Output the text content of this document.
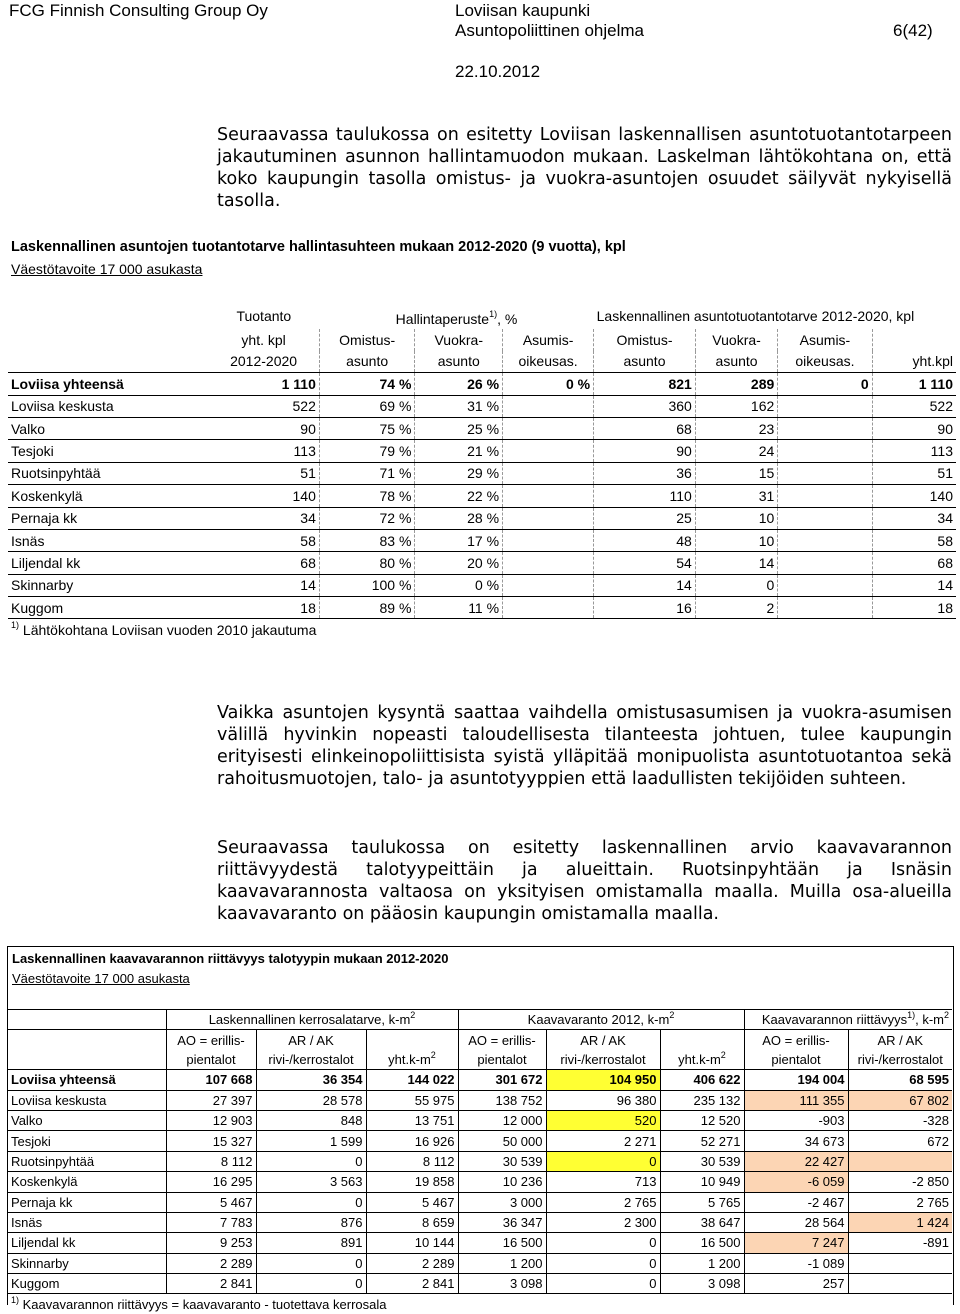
FCG Finnish Consulting Group Oy	Loviisan kaupunki
Asuntopoliittinen ohjelma	6(42)
22.10.2012
Seuraavassa taulukossa on esitetty Loviisan laskennallisen asuntotuotantotarpeen jakautuminen asunnon hallintamuodon mukaan. Laskelman lähtökohtana on, että koko kaupungin tasolla omistus- ja vuokra-asuntojen osuudet säilyvät nykyisellä tasolla.
Laskennallinen asuntojen tuotantotarve hallintasuhteen mukaan 2012-2020 (9 vuotta), kpl
Väestötavoite 17 000 asukasta
	Tuotanto	Hallintaperuste$^{1)}$, %			Laskennallinen asuntotuotantotarve 2012-2020, kpl			
	yht. kpl	Omistus-	Vuokra-	Asumis-	Omistus-	Vuokra-	Asumis-	
	2012-2020	asunto	asunto	oikeusas.	asunto	asunto	oikeusas.	yht.kpl
Loviisa yhteensä	1 110	74 %	26 %	0 %	821	289	0	1 110
Loviisa keskusta	522	69 %	31 %		360	162		522
Valko	90	75 %	25 %		68	23		90
Tesjoki	113	79 %	21 %		90	24		113
Ruotsinpyhtää	51	71 %	29 %		36	15		51
Koskenkylä	140	78 %	22 %		110	31		140
Pernaja kk	34	72 %	28 %		25	10		34
Isnäs	58	83 %	17 %		48	10		58
Liljendal kk	68	80 %	20 %		54	14		68
Skinnarby	14	100 %	0 %		14	0		14
Kuggom	18	89 %	11 %		16	2		18
$^{1)}$ Lähtökohtana Loviisan vuoden 2010 jakautuma								
Vaikka asuntojen kysyntä saattaa vaihdella omistusasumisen ja vuokra-asumisen välillä hyvinkin nopeasti taloudellisesta tilanteesta johtuen, tulee kaupungin erityisesti elinkeinopoliittisista syistä ylläpitää monipuolista asuntotuotantoa sekä rahoitusmuotojen, talo- ja asuntotyyppien että laadullisten tekijöiden suhteen.
Seuraavassa taulukossa on esitetty laskennallinen arvio kaavavarannon riittävyydestä talotyypeittäin ja alueittain. Ruotsinpyhtään ja Isnäsin kaavavarannosta valtaosa on yksityisen omistamalla maalla. Muilla osa-alueilla kaavavaranto on pääosin kaupungin omistamalla maalla.
Laskennallinen kaavavarannon riittävyys talotyypin mukaan 2012-2020
Väestötavoite 17 000 asukasta
	Laskennallinen kerrosalatarve, $k-m^2$			Kaavavaranto 2012, $k-m^2$			Kaavavarannon riittävyys$^{1)}$, $k-m^2$
	AO = erillis-	AR / AK		AO = erillis-	AR / AK		AO = erillis-	AR / AK
	pientalot	rivi-/kerrostalot	$yht.k-m^2$	pientalot	rivi-/kerrostalot	$yht.k-m^2$	pientalot	rivi-/kerrostalot
Loviisa yhteensä	107 668	36 354	144 022	301 672	104 950	406 622	194 004	68 595
Loviisa keskusta	27 397	28 578	55 975	138 752	96 380	235 132	111 355	67 802
Valko	12 903	848	13 751	12 000	520	12 520	-903	-328
Tesjoki	15 327	1 599	16 926	50 000	2 271	52 271	34 673	672
Ruotsinpyhtää	8 112	0	8 112	30 539	0	30 539	22 427	
Koskenkylä	16 295	3 563	19 858	10 236	713	10 949	-6 059	-2 850
Pernaja kk	5 467	0	5 467	3 000	2 765	5 765	-2 467	2 765
Isnäs	7 783	876	8 659	36 347	2 300	38 647	28 564	1 424
Liljendal kk	9 253	891	10 144	16 500	0	16 500	7 247	-891
Skinnarby	2 289	0	2 289	1 200	0	1 200	-1 089	
Kuggom	2 841	0	2 841	3 098	0	3 098	257	
$^{1)}$ Kaavavarannon riittävyys = kaavavaranto - tuotettava kerrosala								
